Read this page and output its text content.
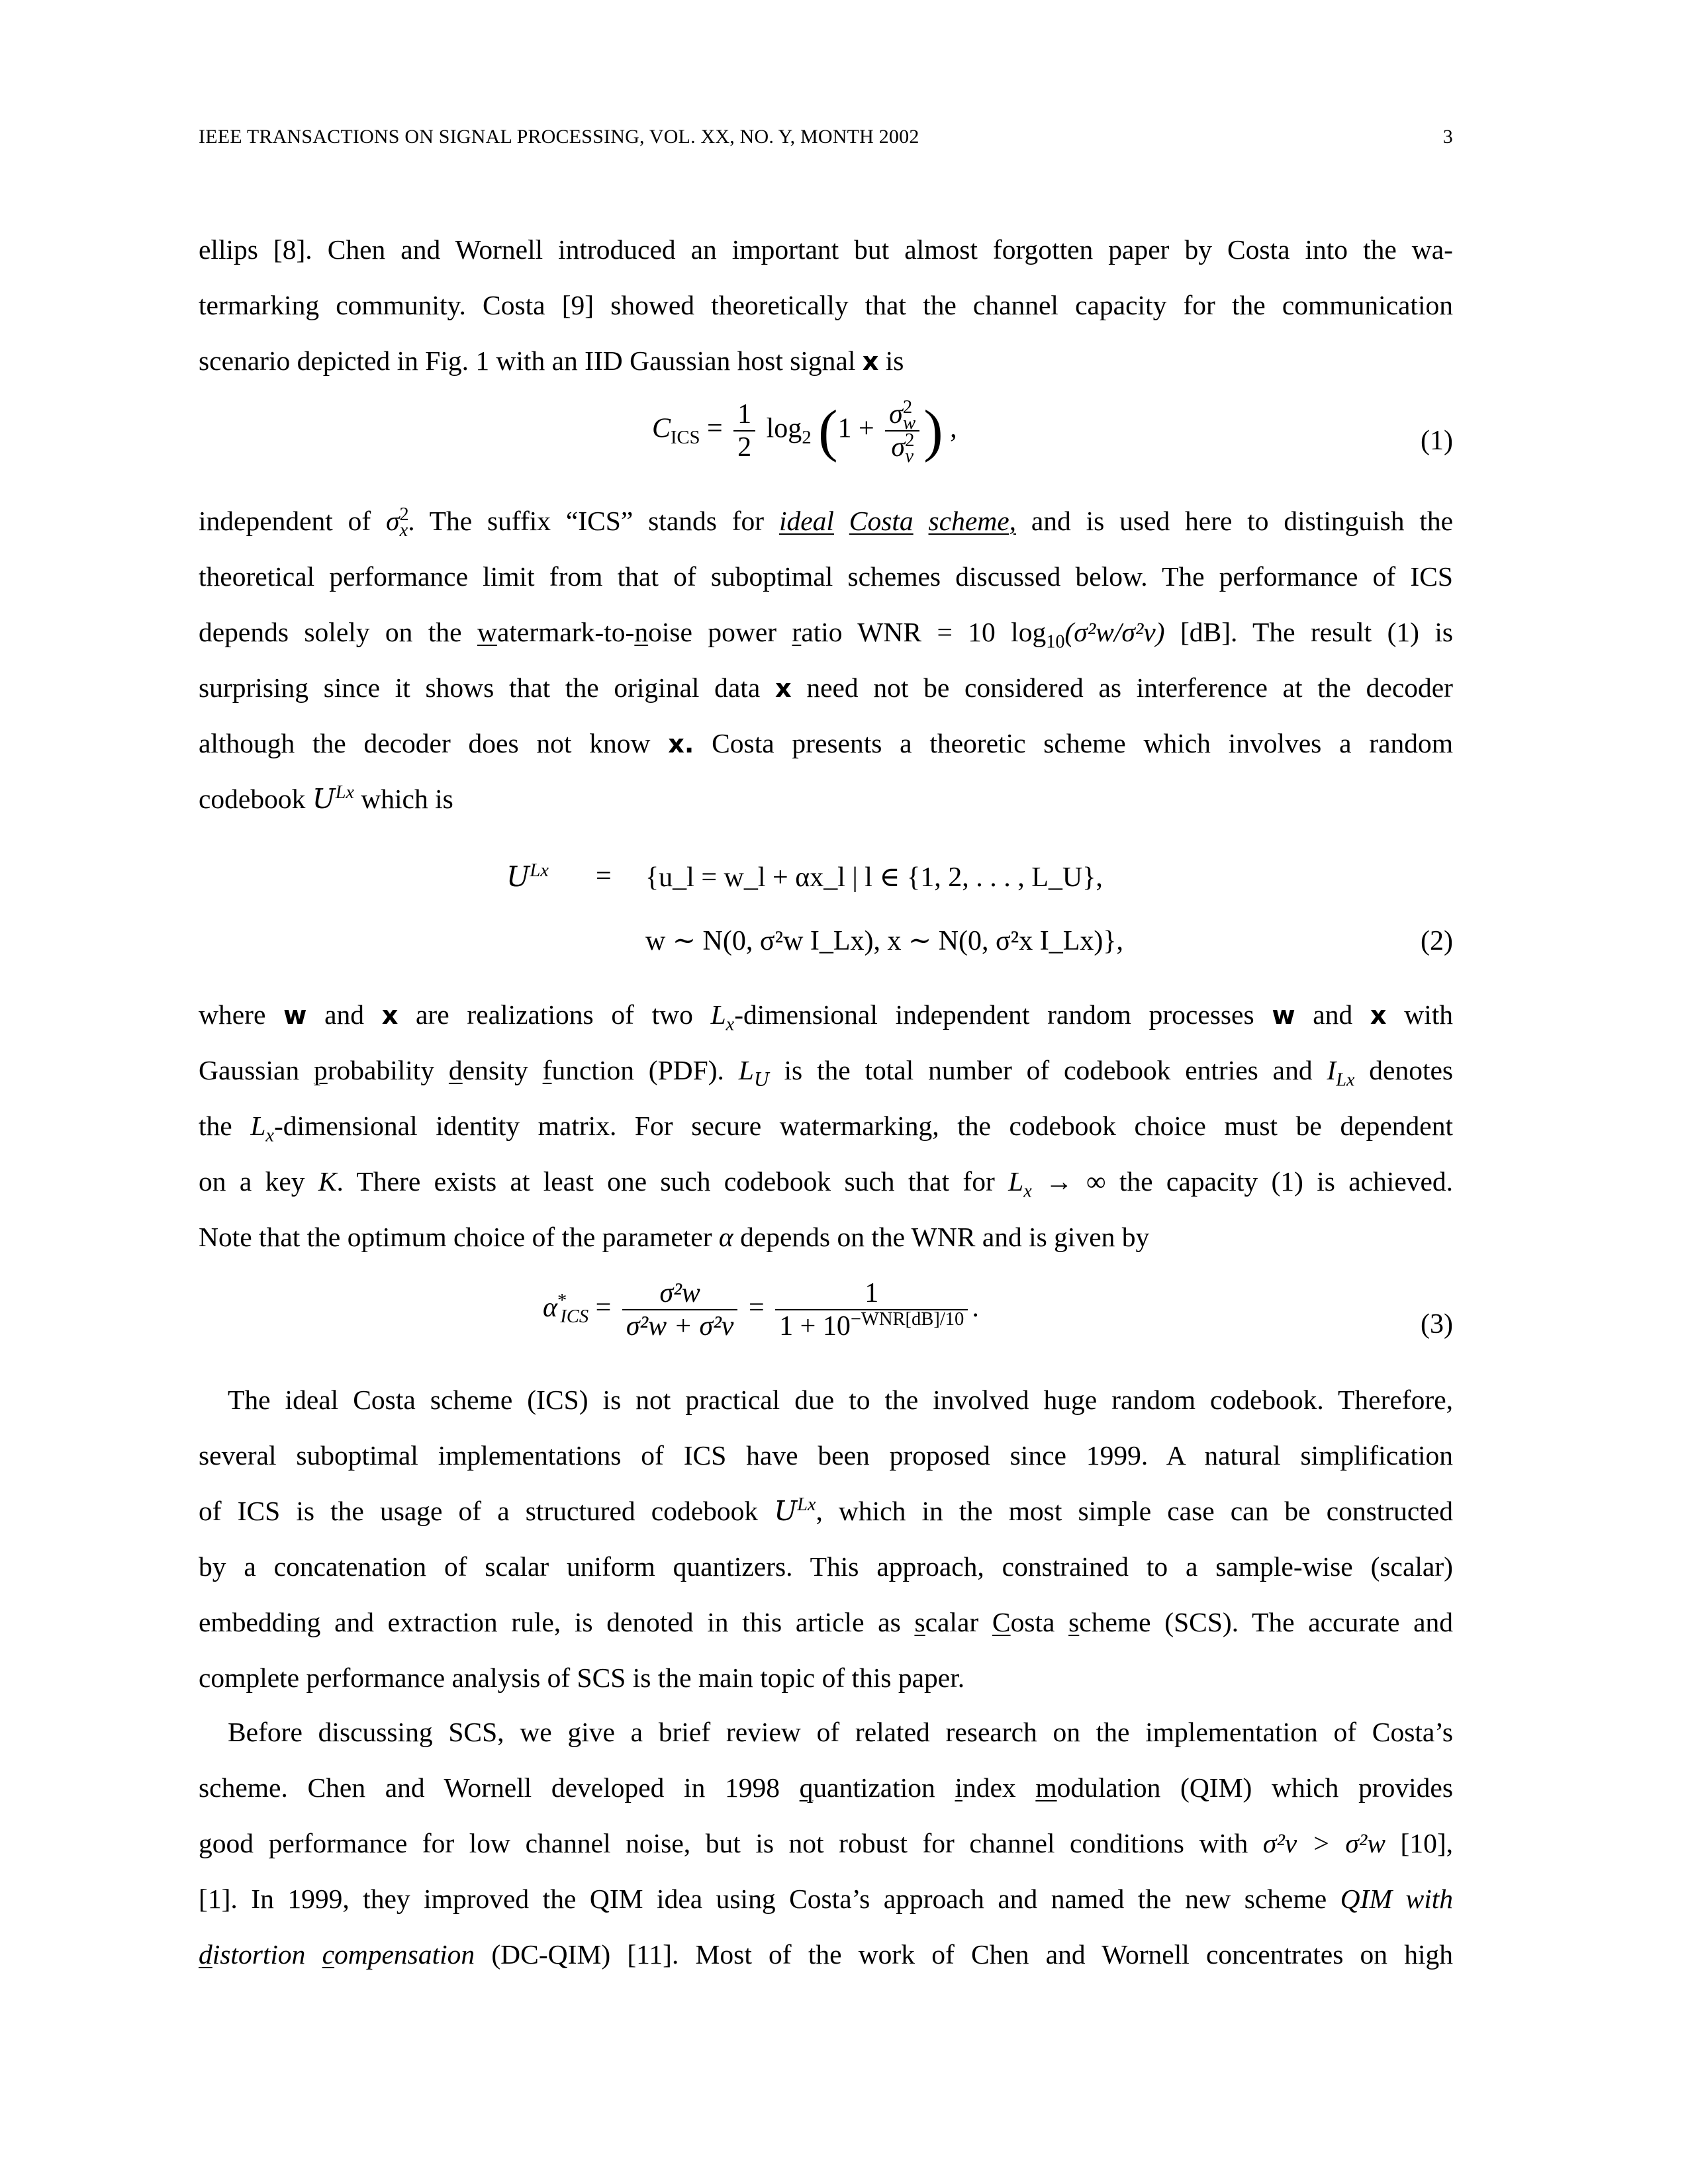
IEEE TRANSACTIONS ON SIGNAL PROCESSING, VOL. XX, NO. Y, MONTH 2002	3
ellips [8]. Chen and Wornell introduced an important but almost forgotten paper by Costa into the wa-
termarking community. Costa [9] showed theoretically that the channel capacity for the communication
scenario depicted in Fig. 1 with an IID Gaussian host signal x is
$C_{ICS} = \frac{1}{2} \log_2 (1 + \frac{\sigma^2_w}{\sigma^2_v}$ ) ,	(1)
independent of $\sigma^2_x$. The suffix “ICS” stands for ideal Costa scheme, and is used here to distinguish the
theoretical performance limit from that of suboptimal schemes discussed below. The performance of ICS
depends solely on the watermark-to-noise power ratio WNR = 10 $\log_{10}(\sigma^2w/\sigma^2v)$ [dB]. The result (1) is
surprising since it shows that the original data x need not be considered as interference at the decoder
although the decoder does not know x. Costa presents a theoretic scheme which involves a random
codebook $U^{Lx}$ which is
$U^{Lx}$ = {u_l = w_l + αx_l | l ∈ {1, 2, . . . , L_U},
w ∼ N(0, σ²w I_Lx), x ∼ N(0, σ²x I_Lx)},	(2)
where w and x are realizations of two $L_x$-dimensional independent random processes w and x with
Gaussian probability density function (PDF). $L_U$ is the total number of codebook entries and $I_{Lx}$ denotes
the $L_x$-dimensional identity matrix. For secure watermarking, the codebook choice must be dependent
on a key K. There exists at least one such codebook such that for $L_x$ → ∞ the capacity (1) is achieved.
Note that the optimum choice of the parameter α depends on the WNR and is given by
$\alpha^*_{ICS} = \frac{\text{σ²w}}{\text{σ²w + σ²v}} = \frac{1}{1 + 10^{-WNR[dB]/10}}$ .
(3)
The ideal Costa scheme (ICS) is not practical due to the involved huge random codebook. Therefore,
several suboptimal implementations of ICS have been proposed since 1999. A natural simplification
of ICS is the usage of a structured codebook $U^{Lx}$, which in the most simple case can be constructed
by a concatenation of scalar uniform quantizers. This approach, constrained to a sample-wise (scalar)
embedding and extraction rule, is denoted in this article as scalar Costa scheme (SCS). The accurate and
complete performance analysis of SCS is the main topic of this paper.
Before discussing SCS, we give a brief review of related research on the implementation of Costa’s
scheme. Chen and Wornell developed in 1998 quantization index modulation (QIM) which provides
good performance for low channel noise, but is not robust for channel conditions with σ²v > σ²w [10],
[1]. In 1999, they improved the QIM idea using Costa’s approach and named the new scheme QIM with
distortion compensation (DC-QIM) [11]. Most of the work of Chen and Wornell concentrates on high
